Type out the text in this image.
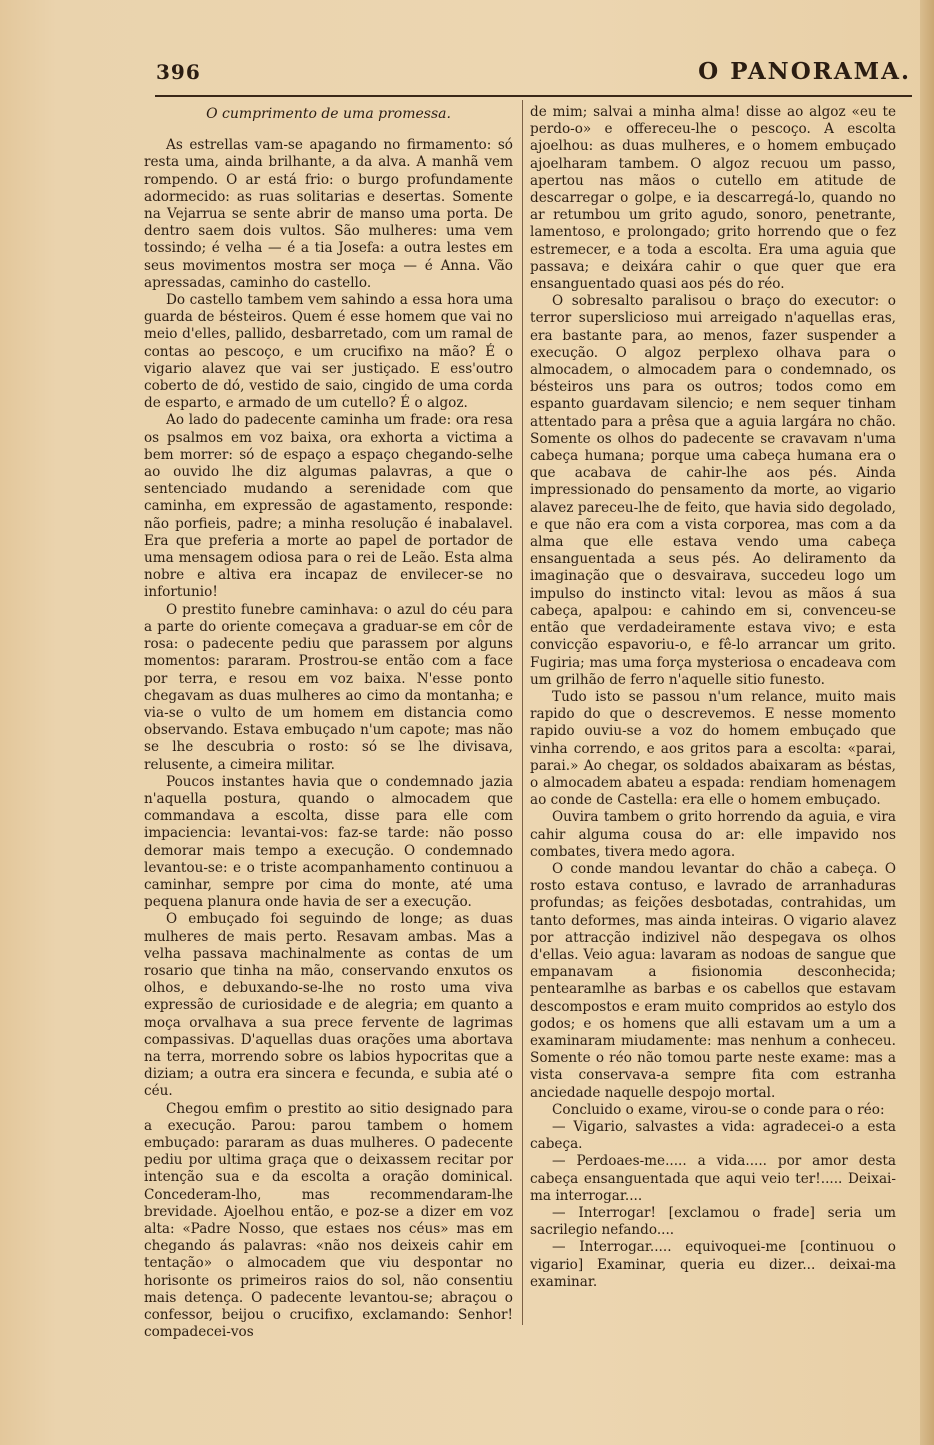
396	O PANORAMA.
O cumprimento de uma promessa.

As estrellas vam-se apagando no firmamento: só resta uma, ainda brilhante, a da alva. A manhã vem rompendo. O ar está frio: o burgo profundamente adormecido: as ruas solitarias e desertas. Somente na Vejarrua se sente abrir de manso uma porta. De dentro saem dois vultos. São mulheres: uma vem tossindo; é velha — é a tia Josefa: a outra lestes em seus movimentos mostra ser moça — é Anna. Vão apressadas, caminho do castello.

Do castello tambem vem sahindo a essa hora uma guarda de bésteiros. Quem é esse homem que vai no meio d'elles, pallido, desbarretado, com um ramal de contas ao pescoço, e um crucifixo na mão? É o vigario alavez que vai ser justiçado. E ess'outro coberto de dó, vestido de saio, cingido de uma corda de esparto, e armado de um cutello? É o algoz.

Ao lado do padecente caminha um frade: ora resa os psalmos em voz baixa, ora exhorta a victima a bem morrer: só de espaço a espaço chegando-selhe ao ouvido lhe diz algumas palavras, a que o sentenciado mudando a serenidade com que caminha, em expressão de agastamento, responde: não porfieis, padre; a minha resolução é inabalavel. Era que preferia a morte ao papel de portador de uma mensagem odiosa para o rei de Leão. Esta alma nobre e altiva era incapaz de envilecer-se no infortunio!

O prestito funebre caminhava: o azul do céu para a parte do oriente começava a graduar-se em côr de rosa: o padecente pediu que parassem por alguns momentos: pararam. Prostrou-se então com a face por terra, e resou em voz baixa. N'esse ponto chegavam as duas mulheres ao cimo da montanha; e via-se o vulto de um homem em distancia como observando. Estava embuçado n'um capote; mas não se lhe descubria o rosto: só se lhe divisava, relusente, a cimeira militar.

Poucos instantes havia que o condemnado jazia n'aquella postura, quando o almocadem que commandava a escolta, disse para elle com impaciencia: levantai-vos: faz-se tarde: não posso demorar mais tempo a execução. O condemnado levantou-se: e o triste acompanhamento continuou a caminhar, sempre por cima do monte, até uma pequena planura onde havia de ser a execução.

O embuçado foi seguindo de longe; as duas mulheres de mais perto. Resavam ambas. Mas a velha passava machinalmente as contas de um rosario que tinha na mão, conservando enxutos os olhos, e debuxando-se-lhe no rosto uma viva expressão de curiosidade e de alegria; em quanto a moça orvalhava a sua prece fervente de lagrimas compassivas. D'aquellas duas orações uma abortava na terra, morrendo sobre os labios hypocritas que a diziam; a outra era sincera e fecunda, e subia até o céu.

Chegou emfim o prestito ao sitio designado para a execução. Parou: parou tambem o homem embuçado: pararam as duas mulheres. O padecente pediu por ultima graça que o deixassem recitar por intenção sua e da escolta a oração dominical. Concederam-lho, mas recommendaram-lhe brevidade. Ajoelhou então, e poz-se a dizer em voz alta: «Padre Nosso, que estaes nos céus» mas em chegando ás palavras: «não nos deixeis cahir em tentação» o almocadem que viu despontar no horisonte os primeiros raios do sol, não consentiu mais detença. O padecente levantou-se; abraçou o confessor, beijou o crucifixo, exclamando: Senhor! compadecei-vos

de mim; salvai a minha alma! disse ao algoz «eu te perdo-o» e offereceu-lhe o pescoço. A escolta ajoelhou: as duas mulheres, e o homem embuçado ajoelharam tambem. O algoz recuou um passo, apertou nas mãos o cutello em atitude de descarregar o golpe, e ia descarregá-lo, quando no ar retumbou um grito agudo, sonoro, penetrante, lamentoso, e prolongado; grito horrendo que o fez estremecer, e a toda a escolta. Era uma aguia que passava; e deixára cahir o que quer que era ensanguentado quasi aos pés do réo.

O sobresalto paralisou o braço do executor: o terror superslicioso mui arreigado n'aquellas eras, era bastante para, ao menos, fazer suspender a execução. O algoz perplexo olhava para o almocadem, o almocadem para o condemnado, os bésteiros uns para os outros; todos como em espanto guardavam silencio; e nem sequer tinham attentado para a prêsa que a aguia largára no chão. Somente os olhos do padecente se cravavam n'uma cabeça humana; porque uma cabeça humana era o que acabava de cahir-lhe aos pés. Ainda impressionado do pensamento da morte, ao vigario alavez pareceu-lhe de feito, que havia sido degolado, e que não era com a vista corporea, mas com a da alma que elle estava vendo uma cabeça ensanguentada a seus pés. Ao deliramento da imaginação que o desvairava, succedeu logo um impulso do instincto vital: levou as mãos á sua cabeça, apalpou: e cahindo em si, convenceu-se então que verdadeiramente estava vivo; e esta convicção espavoriu-o, e fê-lo arrancar um grito. Fugiria; mas uma força mysteriosa o encadeava com um grilhão de ferro n'aquelle sitio funesto.

Tudo isto se passou n'um relance, muito mais rapido do que o descrevemos. E nesse momento rapido ouviu-se a voz do homem embuçado que vinha correndo, e aos gritos para a escolta: «parai, parai.» Ao chegar, os soldados abaixaram as béstas, o almocadem abateu a espada: rendiam homenagem ao conde de Castella: era elle o homem embuçado.

Ouvira tambem o grito horrendo da aguia, e vira cahir alguma cousa do ar: elle impavido nos combates, tivera medo agora.

O conde mandou levantar do chão a cabeça. O rosto estava contuso, e lavrado de arranhaduras profundas; as feições desbotadas, contrahidas, um tanto deformes, mas ainda inteiras. O vigario alavez por attracção indizivel não despegava os olhos d'ellas. Veio agua: lavaram as nodoas de sangue que empanavam a fisionomia desconhecida; pentearamlhe as barbas e os cabellos que estavam descompostos e eram muito compridos ao estylo dos godos; e os homens que alli estavam um a um a examinaram miudamente: mas nenhum a conheceu. Somente o réo não tomou parte neste exame: mas a vista conservava-a sempre fita com estranha anciedade naquelle despojo mortal.

Concluido o exame, virou-se o conde para o réo:

— Vigario, salvastes a vida: agradecei-o a esta cabeça.

— Perdoaes-me..... a vida..... por amor desta cabeça ensanguentada que aqui veio ter!..... Deixai-ma interrogar....

— Interrogar! [exclamou o frade] seria um sacrilegio nefando....

— Interrogar..... equivoquei-me [continuou o vigario] Examinar, queria eu dizer... deixai-ma examinar.
